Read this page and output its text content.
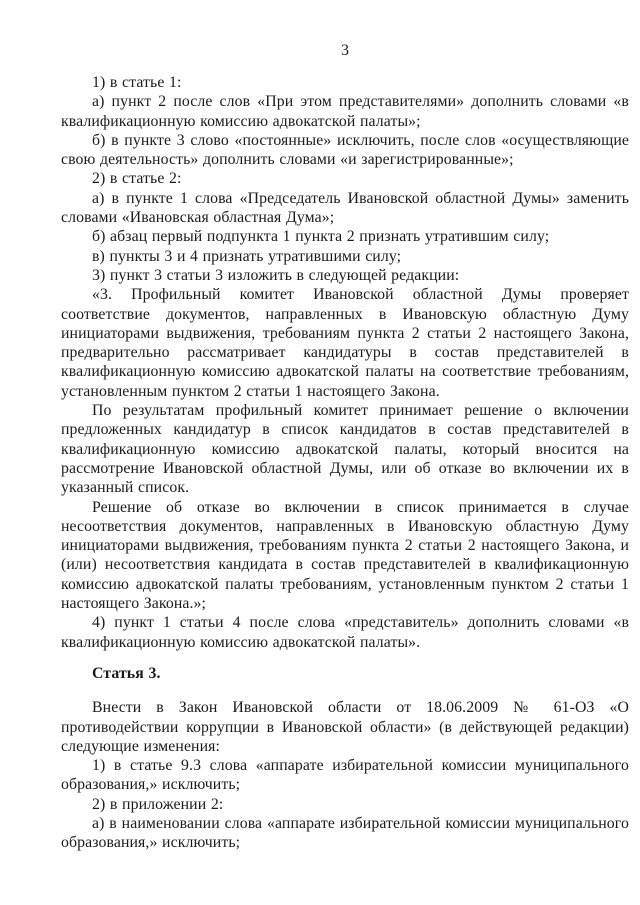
3

1) в статье 1:

а) пункт 2 после слов «При этом представителями» дополнить словами «в квалификационную комиссию адвокатской палаты»;

б) в пункте 3 слово «постоянные» исключить, после слов «осуществляющие свою деятельность» дополнить словами «и зарегистрированные»;

2) в статье 2:

а) в пункте 1 слова «Председатель Ивановской областной Думы» заменить словами «Ивановская областная Дума»;

б) абзац первый подпункта 1 пункта 2 признать утратившим силу;

в) пункты 3 и 4 признать утратившими силу;

3) пункт 3 статьи 3 изложить в следующей редакции:

«3. Профильный комитет Ивановской областной Думы проверяет соответствие документов, направленных в Ивановскую областную Думу инициаторами выдвижения, требованиям пункта 2 статьи 2 настоящего Закона, предварительно рассматривает кандидатуры в состав представителей в квалификационную комиссию адвокатской палаты на соответствие требованиям, установленным пунктом 2 статьи 1 настоящего Закона.

По результатам профильный комитет принимает решение о включении предложенных кандидатур в список кандидатов в состав представителей в квалификационную комиссию адвокатской палаты, который вносится на рассмотрение Ивановской областной Думы, или об отказе во включении их в указанный список.

Решение об отказе во включении в список принимается в случае несоответствия документов, направленных в Ивановскую областную Думу инициаторами выдвижения, требованиям пункта 2 статьи 2 настоящего Закона, и (или) несоответствия кандидата в состав представителей в квалификационную комиссию адвокатской палаты требованиям, установленным пунктом 2 статьи 1 настоящего Закона.»;

4) пункт 1 статьи 4 после слова «представитель» дополнить словами «в квалификационную комиссию адвокатской палаты».

Статья 3.

Внести в Закон Ивановской области от 18.06.2009 № 61-ОЗ «О противодействии коррупции в Ивановской области» (в действующей редакции) следующие изменения:

1) в статье 9.3 слова «аппарате избирательной комиссии муниципального образования,» исключить;

2) в приложении 2:

а) в наименовании слова «аппарате избирательной комиссии муниципального образования,» исключить;
